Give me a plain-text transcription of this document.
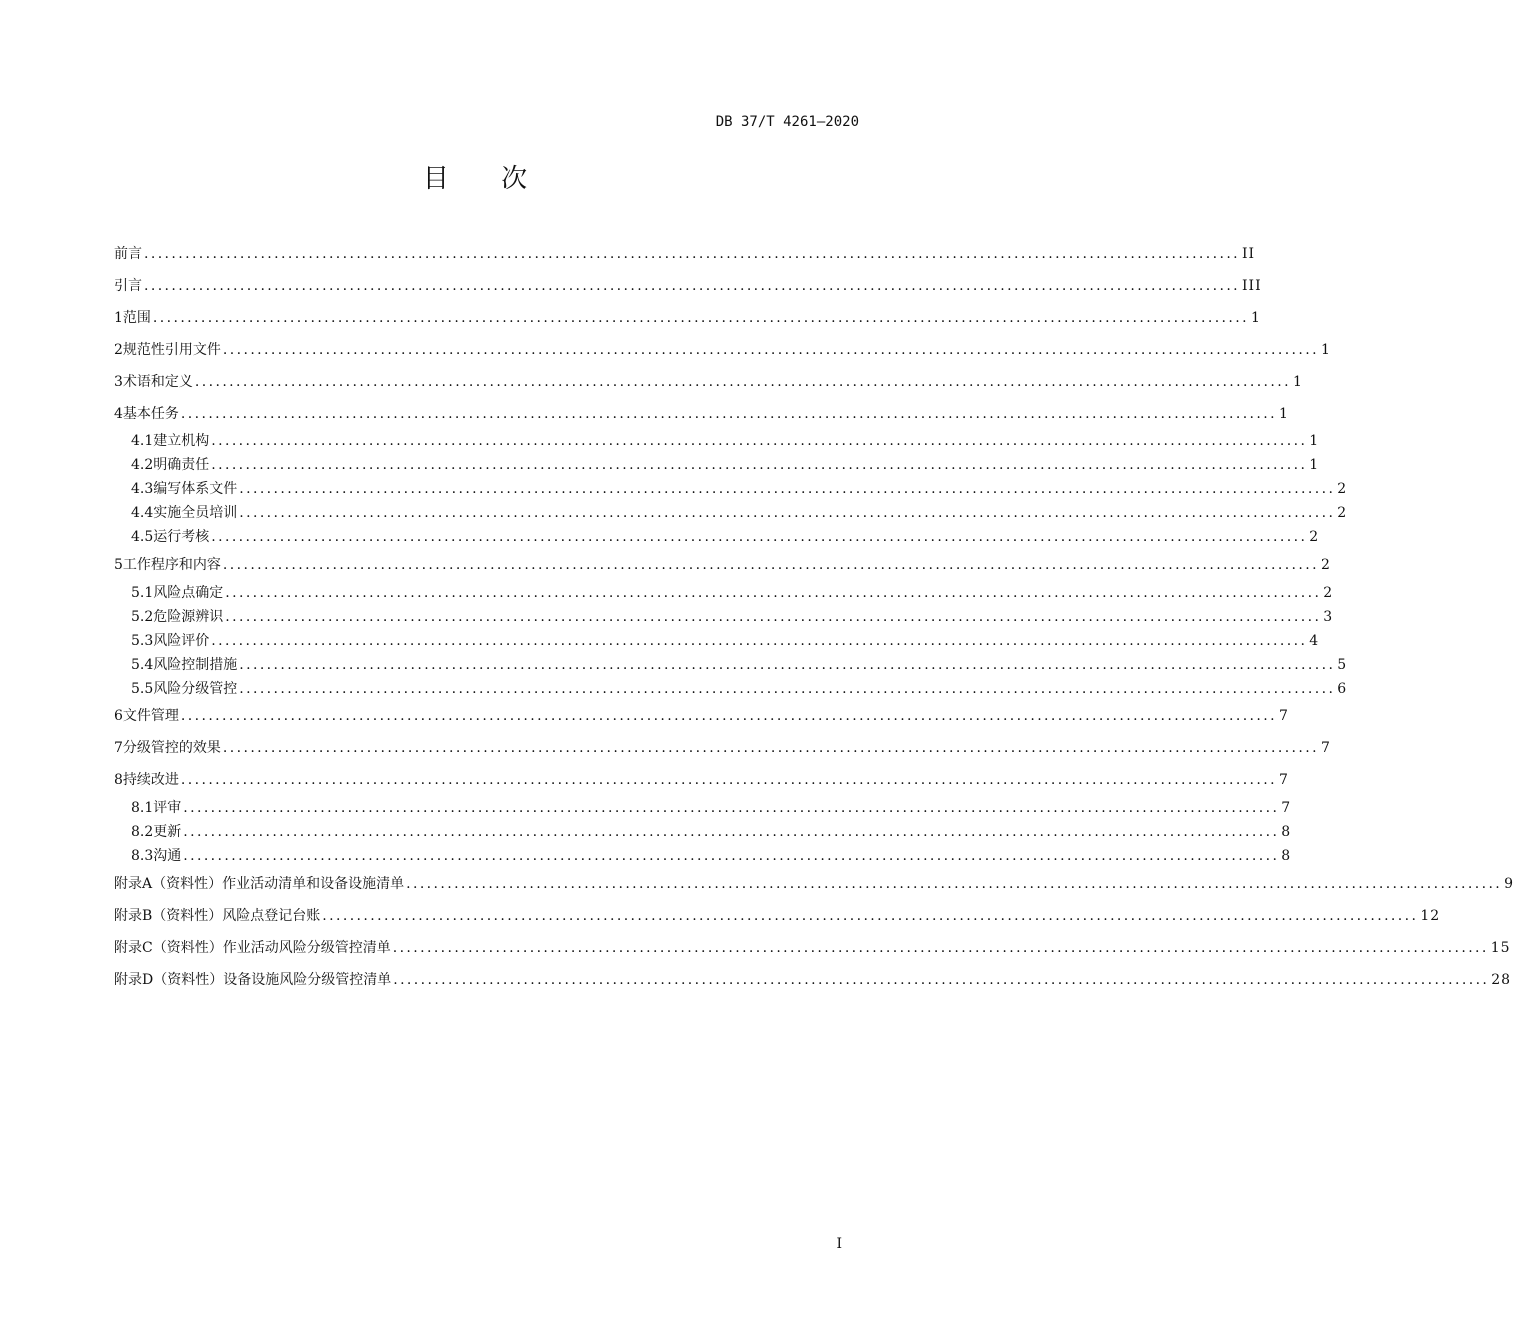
DB 37/T 4261—2020
目 次
前言 ................................................................................................................................................................ II
引言 ................................................................................................................................................................ III
1 范围 ................................................................................................................................................................ 1
2 规范性引用文件 ................................................................................................................................................................ 1
3 术语和定义 ................................................................................................................................................................ 1
4 基本任务 ................................................................................................................................................................ 1
4.1 建立机构 ................................................................................................................................................................ 1
4.2 明确责任 ................................................................................................................................................................ 1
4.3 编写体系文件 ................................................................................................................................................................ 2
4.4 实施全员培训 ................................................................................................................................................................ 2
4.5 运行考核 ................................................................................................................................................................ 2
5 工作程序和内容 ................................................................................................................................................................ 2
5.1 风险点确定 ................................................................................................................................................................ 2
5.2 危险源辨识 ................................................................................................................................................................ 3
5.3 风险评价 ................................................................................................................................................................ 4
5.4 风险控制措施 ................................................................................................................................................................ 5
5.5 风险分级管控 ................................................................................................................................................................ 6
6 文件管理 ................................................................................................................................................................ 7
7 分级管控的效果 ................................................................................................................................................................ 7
8 持续改进 ................................................................................................................................................................ 7
8.1 评审 ................................................................................................................................................................ 7
8.2 更新 ................................................................................................................................................................ 8
8.3 沟通 ................................................................................................................................................................ 8
附录A（资料性） 作业活动清单和设备设施清单 ................................................................................................................................................................ 9
附录B（资料性） 风险点登记台账 ................................................................................................................................................................ 12
附录C（资料性） 作业活动风险分级管控清单 ................................................................................................................................................................ 15
附录D（资料性） 设备设施风险分级管控清单 ................................................................................................................................................................ 28
I
